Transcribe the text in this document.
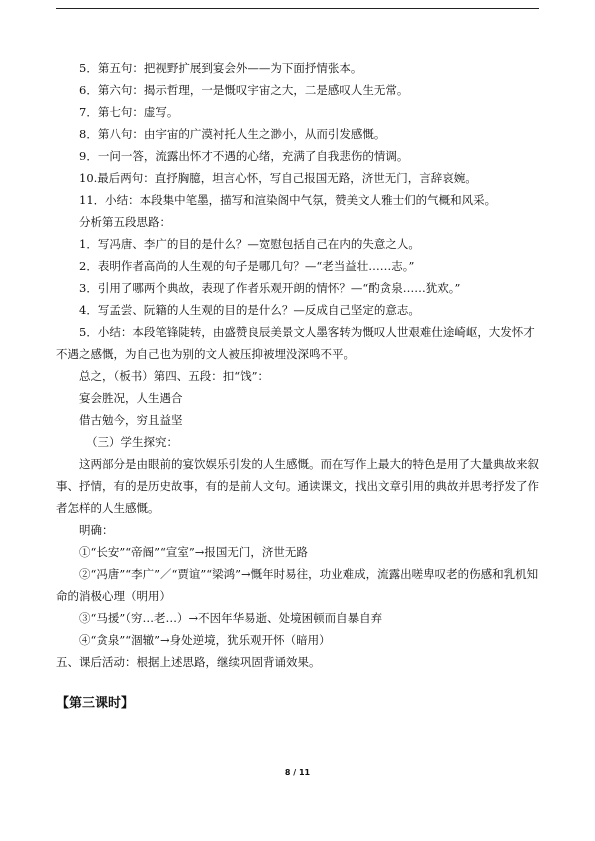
5．第五句：把视野扩展到宴会外——为下面抒情张本。
6．第六句：揭示哲理，一是慨叹宇宙之大，二是感叹人生无常。
7．第七句：虚写。
8．第八句：由宇宙的广漠衬托人生之渺小，从而引发感慨。
9．一问一答，流露出怀才不遇的心绪，充满了自我悲伤的情调。
10.最后两句：直抒胸臆，坦言心怀，写自己报国无路，济世无门，言辞哀婉。
11．小结：本段集中笔墨，描写和渲染阁中气氛，赞美文人雅士们的气概和风采。
分析第五段思路：
1．写冯唐、李广的目的是什么？—宽慰包括自己在内的失意之人。
2．表明作者高尚的人生观的句子是哪几句？—“老当益壮……志。”
3．引用了哪两个典故，表现了作者乐观开朗的情怀？—“酌贪泉……犹欢。”
4．写孟尝、阮籍的人生观的目的是什么？—反成自己坚定的意志。
5．小结：本段笔锋陡转，由盛赞良辰美景文人墨客转为慨叹人世艰难仕途崎岖，大发怀才不遇之感慨，为自己也为别的文人被压抑被埋没深鸣不平。
总之，（板书）第四、五段：扣“饯”：
宴会胜况，人生遇合
借古勉今，穷且益坚
（三）学生探究：
这两部分是由眼前的宴饮娱乐引发的人生感慨。而在写作上最大的特色是用了大量典故来叙事、抒情，有的是历史故事，有的是前人文句。通读课文，找出文章引用的典故并思考抒发了作者怎样的人生感慨。
明确：
①“长安”“帝阍”“宣室”→报国无门，济世无路
②“冯唐”“李广”／“贾谊”“梁鸿”→慨年时易往，功业难成，流露出嗟卑叹老的伤感和乳机知命的消极心理（明用）
③“马援”（穷…老…）→不因年华易逝、处境困顿而自暴自弃
④“贪泉”“涸辙”→身处逆境，犹乐观开怀（暗用）
五、课后活动：根据上述思路，继续巩固背诵效果。
【第三课时】
8 / 11
